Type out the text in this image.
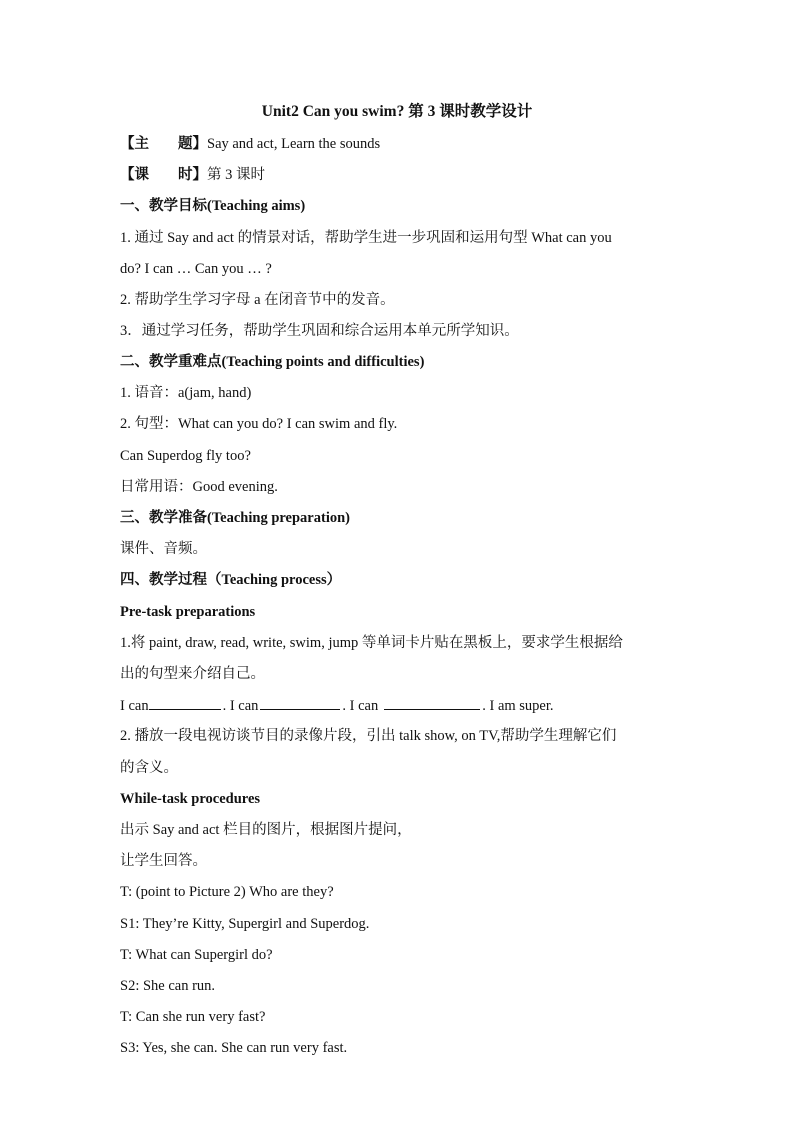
Unit2 Can you swim? 第 3 课时教学设计
【主　　题】Say and act, Learn the sounds
【课　　时】第 3 课时
一、教学目标(Teaching aims)
1. 通过 Say and act 的情景对话，帮助学生进一步巩固和运用句型 What can you
do? I can … Can you … ?
2. 帮助学生学习字母 a 在闭音节中的发音。
3．通过学习任务，帮助学生巩固和综合运用本单元所学知识。
二、教学重难点(Teaching points and difficulties)
1. 语音：a(jam, hand)
2. 句型：What can you do? I can swim and fly.
Can Superdog fly too?
日常用语：Good evening.
三、教学准备(Teaching preparation)
课件、音频。
四、教学过程（Teaching process）
Pre-task preparations
1.将 paint, draw, read, write, swim, jump 等单词卡片贴在黑板上，要求学生根据给
出的句型来介绍自己。
I can	. I can	. I can	. I am super.
2. 播放一段电视访谈节目的录像片段，引出 talk show, on TV,帮助学生理解它们
的含义。
While-task procedures
出示 Say and act 栏目的图片，根据图片提问，
让学生回答。
T: (point to Picture 2) Who are they?
S1: They’re Kitty, Supergirl and Superdog.
T: What can Supergirl do?
S2: She can run.
T: Can she run very fast?
S3: Yes, she can. She can run very fast.
